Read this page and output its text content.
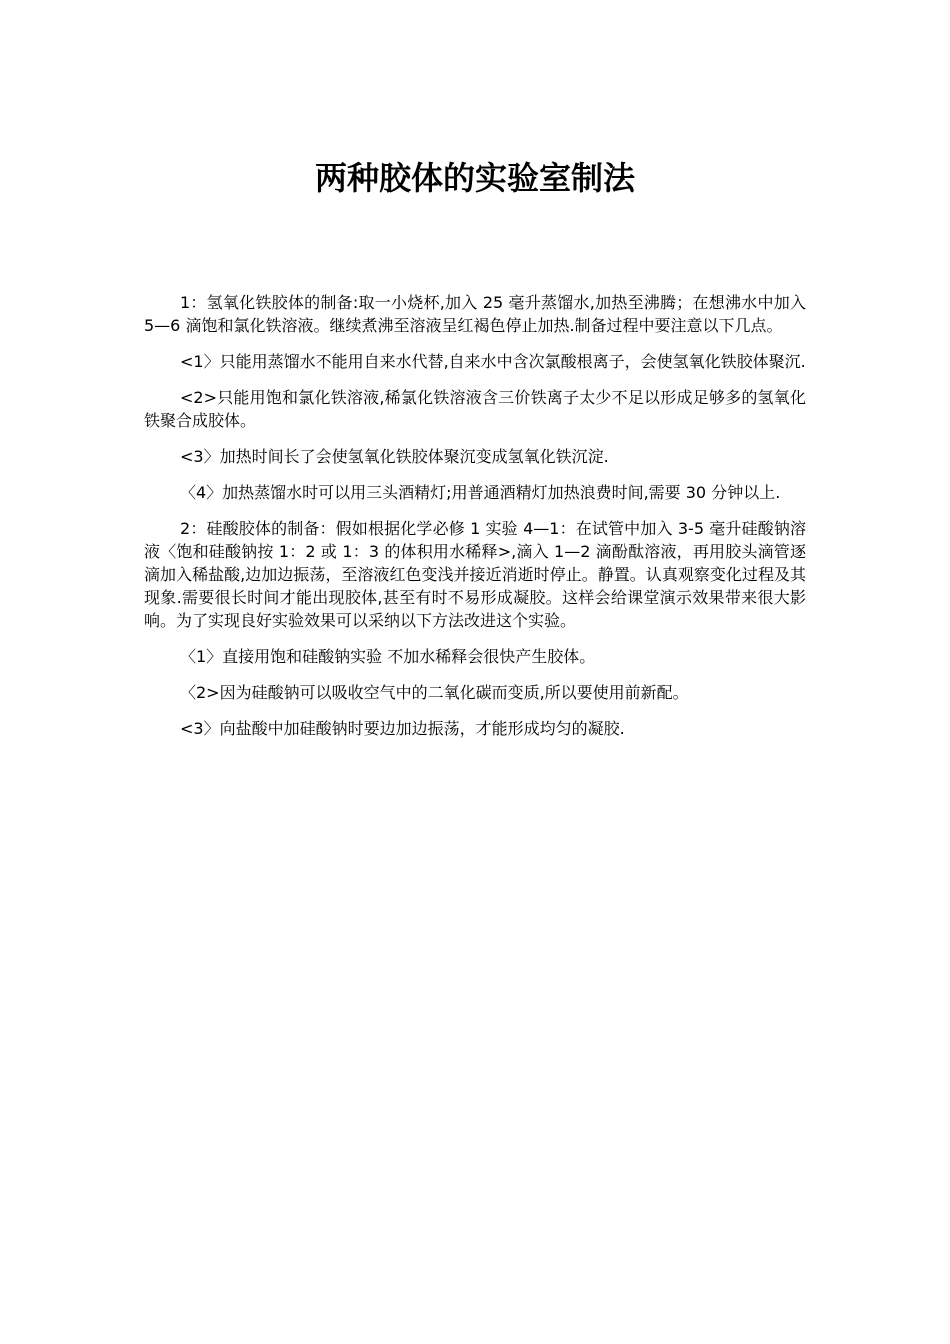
两种胶体的实验室制法

1：氢氧化铁胶体的制备:取一小烧杯,加入 25 毫升蒸馏水,加热至沸腾；在想沸水中加入 5—6 滴饱和氯化铁溶液。继续煮沸至溶液呈红褐色停止加热.制备过程中要注意以下几点。

<1〉只能用蒸馏水不能用自来水代替,自来水中含次氯酸根离子，会使氢氧化铁胶体聚沉.

<2>只能用饱和氯化铁溶液,稀氯化铁溶液含三价铁离子太少不足以形成足够多的氢氧化铁聚合成胶体。

<3〉加热时间长了会使氢氧化铁胶体聚沉变成氢氧化铁沉淀.

〈4〉加热蒸馏水时可以用三头酒精灯;用普通酒精灯加热浪费时间,需要 30 分钟以上.

2：硅酸胶体的制备：假如根据化学必修 1 实验 4—1：在试管中加入 3-5 毫升硅酸钠溶液〈饱和硅酸钠按 1：2 或 1：3 的体积用水稀释>,滴入 1—2 滴酚酞溶液，再用胶头滴管逐滴加入稀盐酸,边加边振荡，至溶液红色变浅并接近消逝时停止。静置。认真观察变化过程及其现象.需要很长时间才能出现胶体,甚至有时不易形成凝胶。这样会给课堂演示效果带来很大影响。为了实现良好实验效果可以采纳以下方法改进这个实验。

〈1〉直接用饱和硅酸钠实验 不加水稀释会很快产生胶体。

〈2>因为硅酸钠可以吸收空气中的二氧化碳而变质,所以要使用前新配。

<3〉向盐酸中加硅酸钠时要边加边振荡，才能形成均匀的凝胶.
